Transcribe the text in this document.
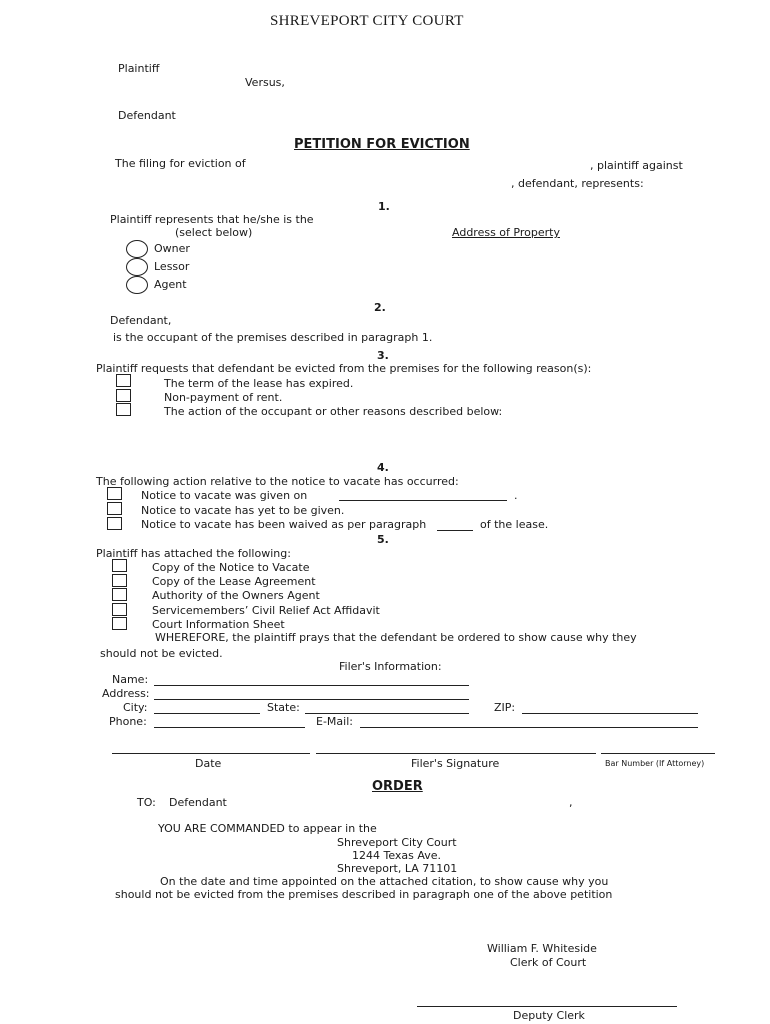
SHREVEPORT CITY COURT
Plaintiff
Versus,
Defendant
PETITION FOR EVICTION
The filing for eviction of	, plaintiff against
, defendant, represents:
1.
Plaintiff represents that he/she is the
(select below)	Address of Property
Owner
Lessor
Agent
2.
Defendant,
is the occupant of the premises described in paragraph 1.
3.
Plaintiff requests that defendant be evicted from the premises for the following reason(s):
The term of the lease has expired.
Non-payment of rent.
The action of the occupant or other reasons described below:
4.
The following action relative to the notice to vacate has occurred:
Notice to vacate was given on	.
Notice to vacate has yet to be given.
Notice to vacate has been waived as per paragraph	of the lease.
5.
Plaintiff has attached the following:
Copy of the Notice to Vacate
Copy of the Lease Agreement
Authority of the Owners Agent
Servicemembers’ Civil Relief Act Affidavit
Court Information Sheet
WHEREFORE, the plaintiff prays that the defendant be ordered to show cause why they
should not be evicted.
Filer's Information:
Name:
Address:
City:	State:	ZIP:
Phone:	E-Mail:
Date	Filer's Signature	Bar Number (If Attorney)
ORDER
TO: Defendant	,
YOU ARE COMMANDED to appear in the
Shreveport City Court
1244 Texas Ave.
Shreveport, LA 71101
On the date and time appointed on the attached citation, to show cause why you
should not be evicted from the premises described in paragraph one of the above petition
William F. Whiteside
Clerk of Court
Deputy Clerk
